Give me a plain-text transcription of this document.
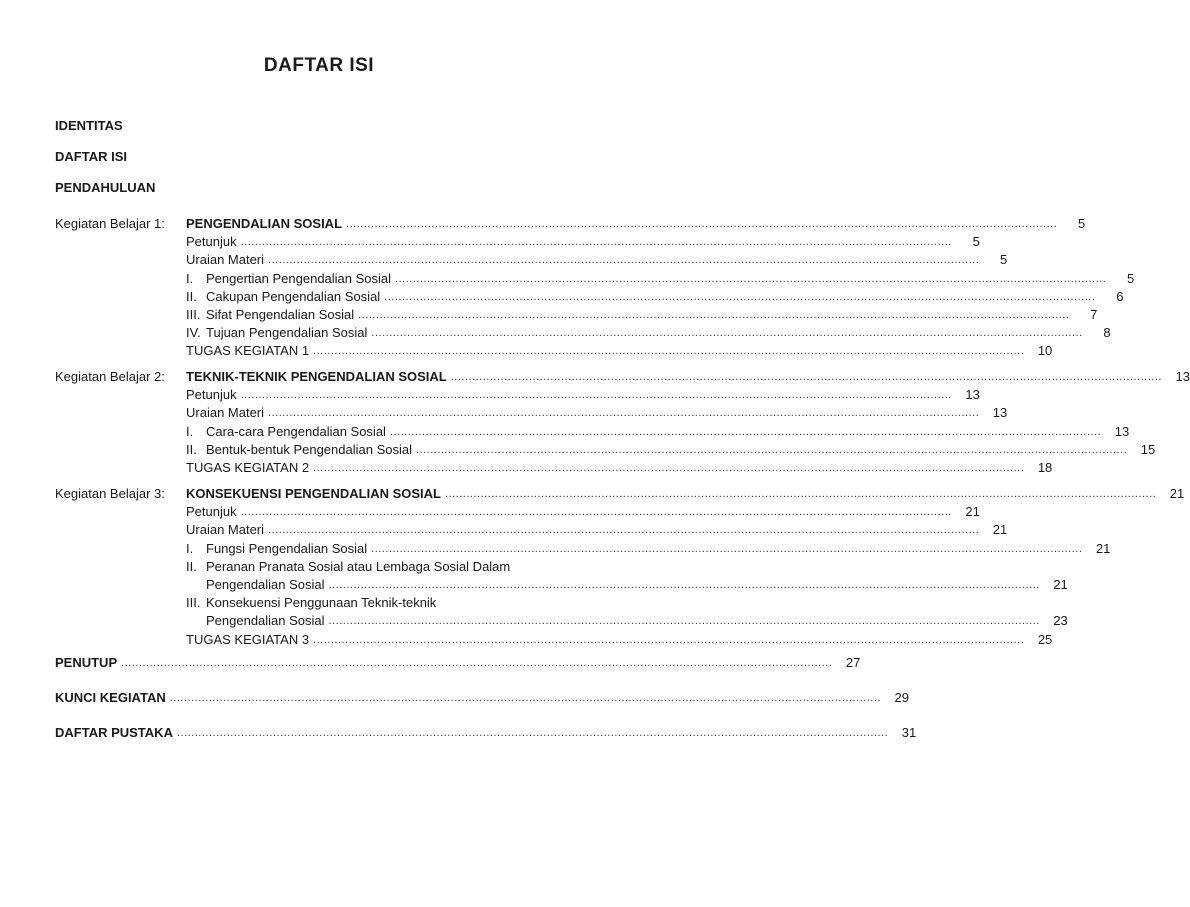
DAFTAR ISI
IDENTITAS
DAFTAR ISI
PENDAHULUAN
Kegiatan Belajar 1: PENGENDALIAN SOSIAL ........................................................................................................................................................................................................	5
Petunjuk ........................................................................................................................................................................................................	5
Uraian Materi ........................................................................................................................................................................................................	5
I. Pengertian Pengendalian Sosial ........................................................................................................................................................................................................	5
II. Cakupan Pengendalian Sosial ........................................................................................................................................................................................................	6
III. Sifat Pengendalian Sosial ........................................................................................................................................................................................................	7
IV. Tujuan Pengendalian Sosial ........................................................................................................................................................................................................	8
TUGAS KEGIATAN 1 ........................................................................................................................................................................................................	10
Kegiatan Belajar 2: TEKNIK-TEKNIK PENGENDALIAN SOSIAL ........................................................................................................................................................................................................	13
Petunjuk ........................................................................................................................................................................................................	13
Uraian Materi ........................................................................................................................................................................................................	13
I. Cara-cara Pengendalian Sosial ........................................................................................................................................................................................................	13
II. Bentuk-bentuk Pengendalian Sosial ........................................................................................................................................................................................................	15
TUGAS KEGIATAN 2 ........................................................................................................................................................................................................	18
Kegiatan Belajar 3: KONSEKUENSI PENGENDALIAN SOSIAL ........................................................................................................................................................................................................	21
Petunjuk ........................................................................................................................................................................................................	21
Uraian Materi ........................................................................................................................................................................................................	21
I. Fungsi Pengendalian Sosial ........................................................................................................................................................................................................	21
II. Peranan Pranata Sosial atau Lembaga Sosial Dalam
Pengendalian Sosial ........................................................................................................................................................................................................	21
III. Konsekuensi Penggunaan Teknik-teknik
Pengendalian Sosial ........................................................................................................................................................................................................	23
TUGAS KEGIATAN 3 ........................................................................................................................................................................................................	25
PENUTUP ........................................................................................................................................................................................................	27
KUNCI KEGIATAN ........................................................................................................................................................................................................	29
DAFTAR PUSTAKA ........................................................................................................................................................................................................	31
